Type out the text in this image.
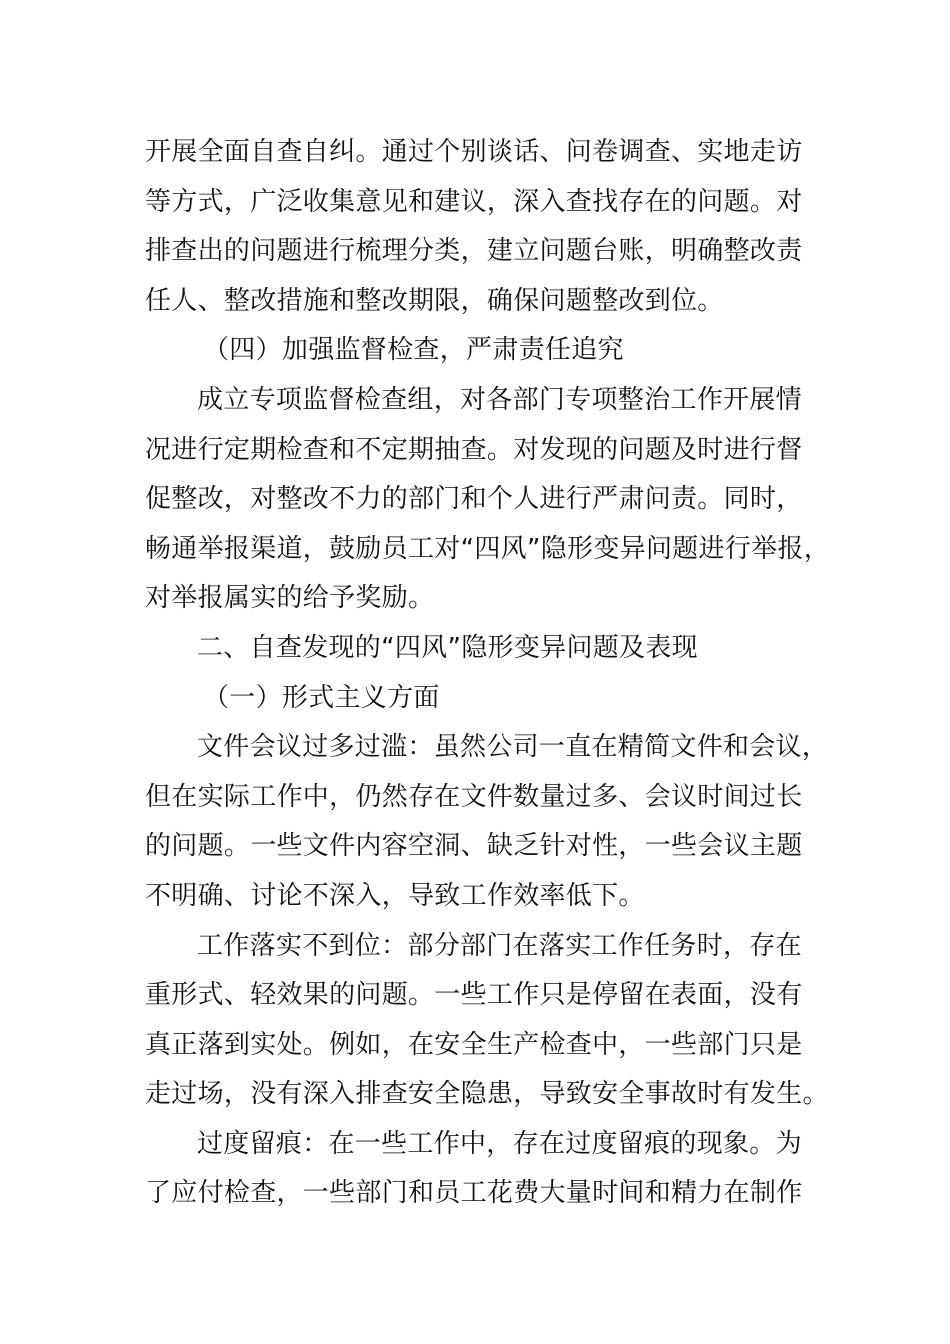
开展全面自查自纠。通过个别谈话、问卷调查、实地走访
等方式，广泛收集意见和建议，深入查找存在的问题。对
排查出的问题进行梳理分类，建立问题台账，明确整改责
任人、整改措施和整改期限，确保问题整改到位。
（四）加强监督检查，严肃责任追究
成立专项监督检查组，对各部门专项整治工作开展情
况进行定期检查和不定期抽查。对发现的问题及时进行督
促整改，对整改不力的部门和个人进行严肃问责。同时，
畅通举报渠道，鼓励员工对“四风”隐形变异问题进行举报，
对举报属实的给予奖励。
二、自查发现的“四风”隐形变异问题及表现
（一）形式主义方面
文件会议过多过滥：虽然公司一直在精简文件和会议，
但在实际工作中，仍然存在文件数量过多、会议时间过长
的问题。一些文件内容空洞、缺乏针对性，一些会议主题
不明确、讨论不深入，导致工作效率低下。
工作落实不到位：部分部门在落实工作任务时，存在
重形式、轻效果的问题。一些工作只是停留在表面，没有
真正落到实处。例如，在安全生产检查中，一些部门只是
走过场，没有深入排查安全隐患，导致安全事故时有发生。
过度留痕：在一些工作中，存在过度留痕的现象。为
了应付检查，一些部门和员工花费大量时间和精力在制作
